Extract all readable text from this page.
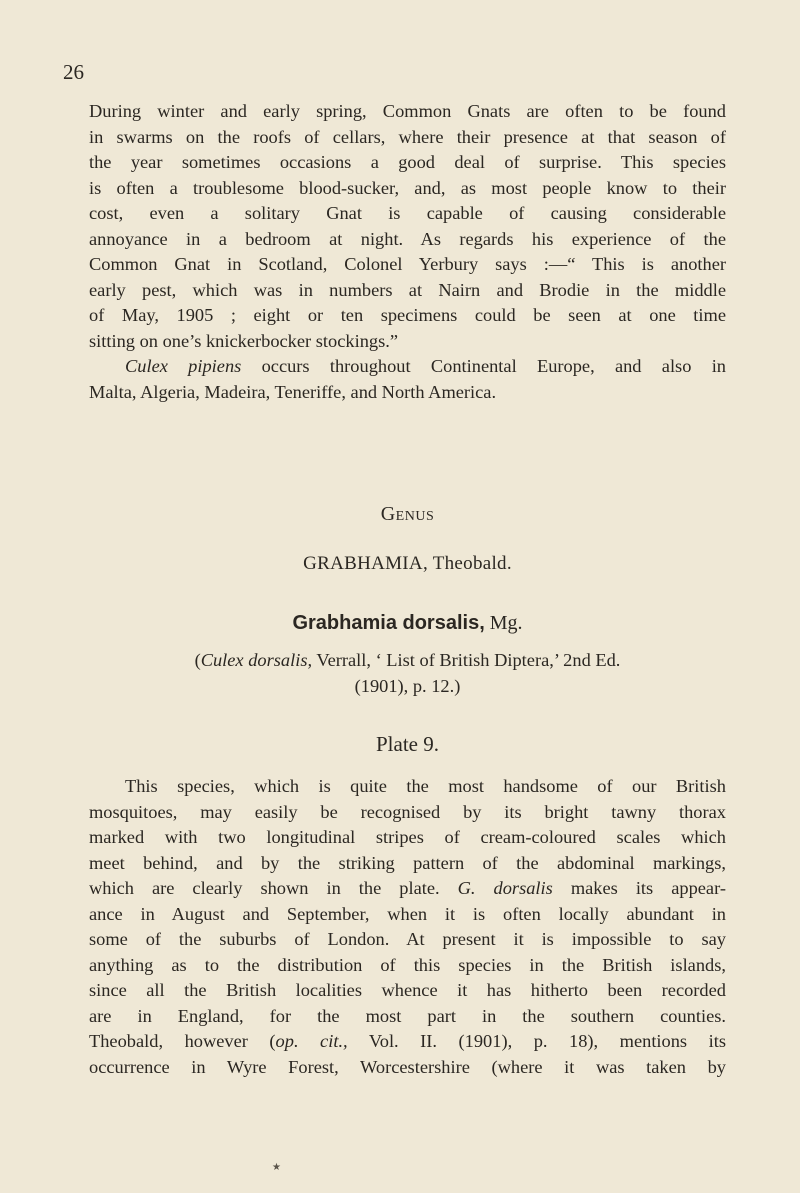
26
During winter and early spring, Common Gnats are often to be found
in swarms on the roofs of cellars, where their presence at that season of
the year sometimes occasions a good deal of surprise. This species
is often a troublesome blood-sucker, and, as most people know to their
cost, even a solitary Gnat is capable of causing considerable
annoyance in a bedroom at night. As regards his experience of the
Common Gnat in Scotland, Colonel Yerbury says :—“ This is another
early pest, which was in numbers at Nairn and Brodie in the middle
of May, 1905 ; eight or ten specimens could be seen at one time
sitting on one’s knickerbocker stockings.”
Culex pipiens occurs throughout Continental Europe, and also in
Malta, Algeria, Madeira, Teneriffe, and North America.
Genus
GRABHAMIA, Theobald.
Grabhamia dorsalis, Mg.
(Culex dorsalis, Verrall, ‘ List of British Diptera,’ 2nd Ed.
(1901), p. 12.)
Plate 9.
This species, which is quite the most handsome of our British
mosquitoes, may easily be recognised by its bright tawny thorax
marked with two longitudinal stripes of cream-coloured scales which
meet behind, and by the striking pattern of the abdominal markings,
which are clearly shown in the plate. G. dorsalis makes its appear-
ance in August and September, when it is often locally abundant in
some of the suburbs of London. At present it is impossible to say
anything as to the distribution of this species in the British islands,
since all the British localities whence it has hitherto been recorded
are in England, for the most part in the southern counties.
Theobald, however (op. cit., Vol. II. (1901), p. 18), mentions its
occurrence in Wyre Forest, Worcestershire (where it was taken by
★
